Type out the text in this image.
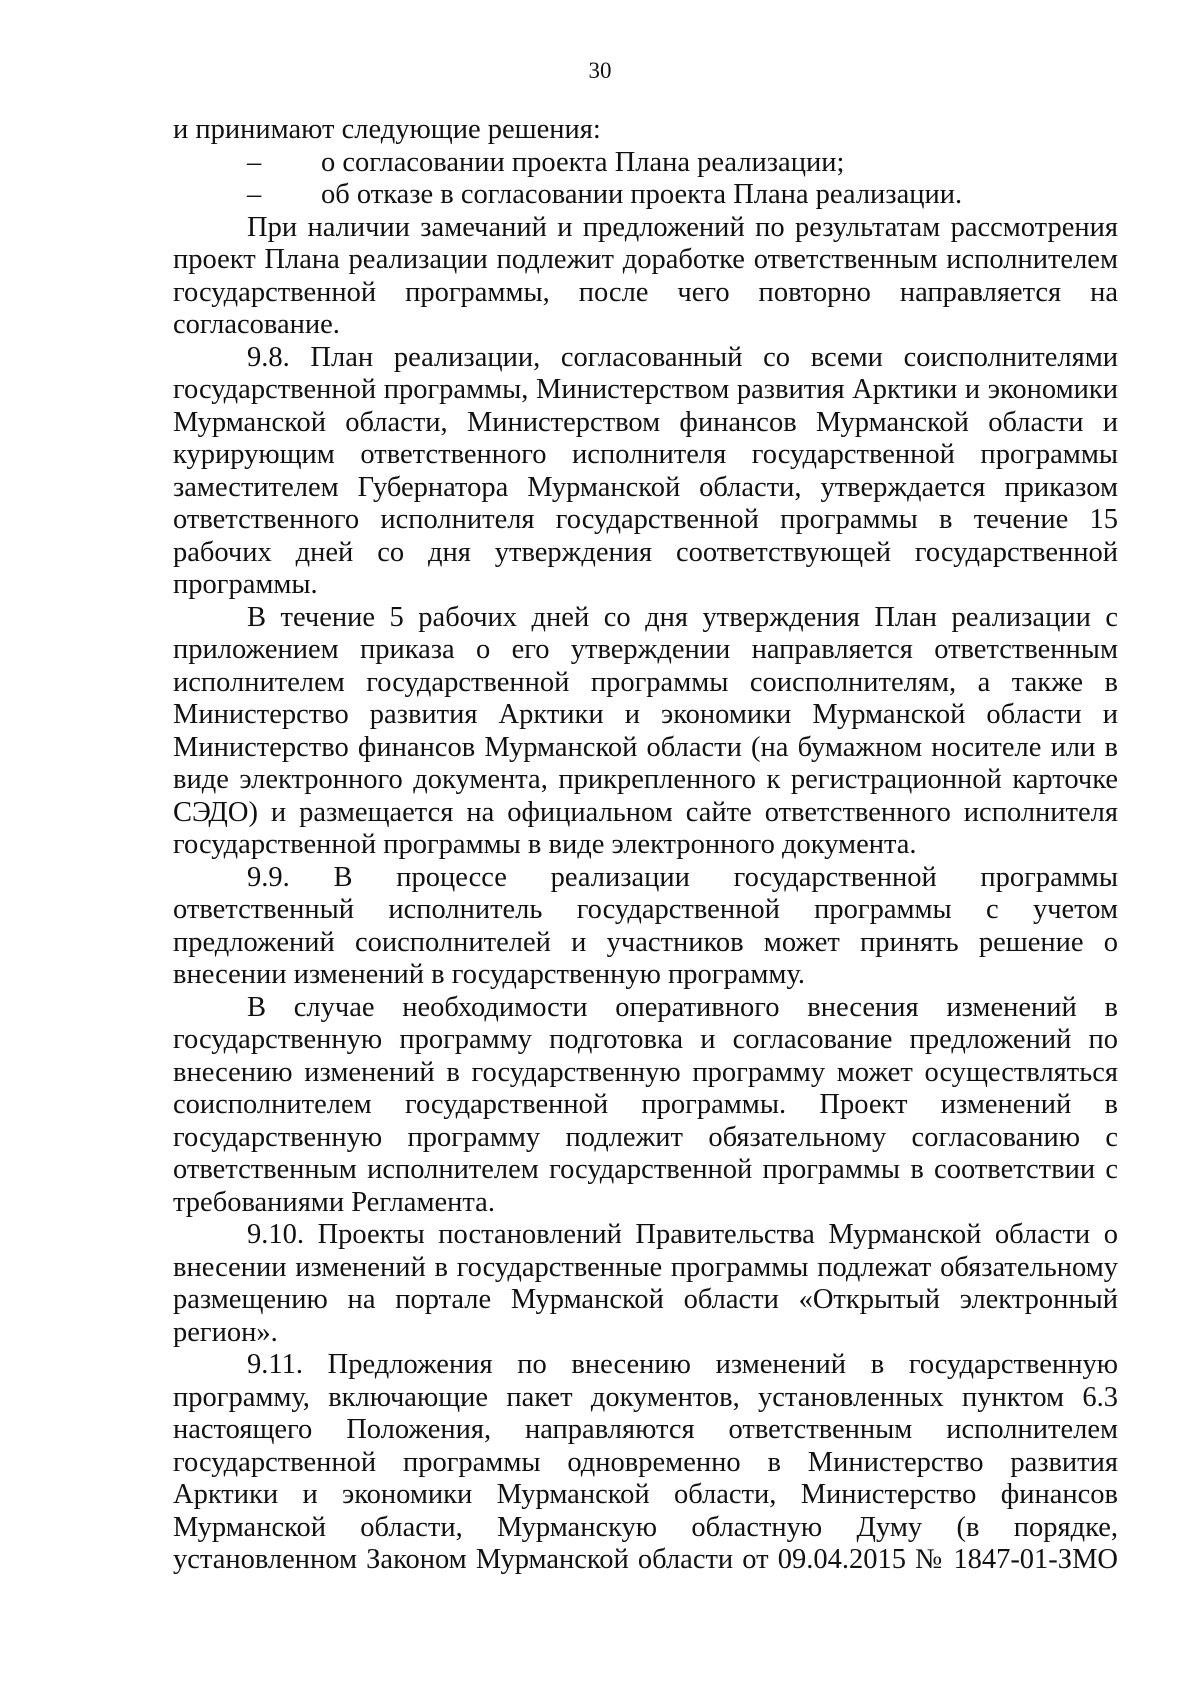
30

и принимают следующие решения:

– о согласовании проекта Плана реализации;

– об отказе в согласовании проекта Плана реализации.

При наличии замечаний и предложений по результатам рассмотрения проект Плана реализации подлежит доработке ответственным исполнителем государственной программы, после чего повторно направляется на согласование.

9.8. План реализации, согласованный со всеми соисполнителями государственной программы, Министерством развития Арктики и экономики Мурманской области, Министерством финансов Мурманской области и курирующим ответственного исполнителя государственной программы заместителем Губернатора Мурманской области, утверждается приказом ответственного исполнителя государственной программы в течение 15 рабочих дней со дня утверждения соответствующей государственной программы.

В течение 5 рабочих дней со дня утверждения План реализации с приложением приказа о его утверждении направляется ответственным исполнителем государственной программы соисполнителям, а также в Министерство развития Арктики и экономики Мурманской области и Министерство финансов Мурманской области (на бумажном носителе или в виде электронного документа, прикрепленного к регистрационной карточке СЭДО) и размещается на официальном сайте ответственного исполнителя государственной программы в виде электронного документа.

9.9. В процессе реализации государственной программы ответственный исполнитель государственной программы с учетом предложений соисполнителей и участников может принять решение о внесении изменений в государственную программу.

В случае необходимости оперативного внесения изменений в государственную программу подготовка и согласование предложений по внесению изменений в государственную программу может осуществляться соисполнителем государственной программы. Проект изменений в государственную программу подлежит обязательному согласованию с ответственным исполнителем государственной программы в соответствии с требованиями Регламента.

9.10. Проекты постановлений Правительства Мурманской области о внесении изменений в государственные программы подлежат обязательному размещению на портале Мурманской области «Открытый электронный регион».

9.11. Предложения по внесению изменений в государственную программу, включающие пакет документов, установленных пунктом 6.3 настоящего Положения, направляются ответственным исполнителем государственной программы одновременно в Министерство развития Арктики и экономики Мурманской области, Министерство финансов Мурманской области, Мурманскую областную Думу (в порядке, установленном Законом Мурманской области от 09.04.2015 № 1847-01-ЗМО
